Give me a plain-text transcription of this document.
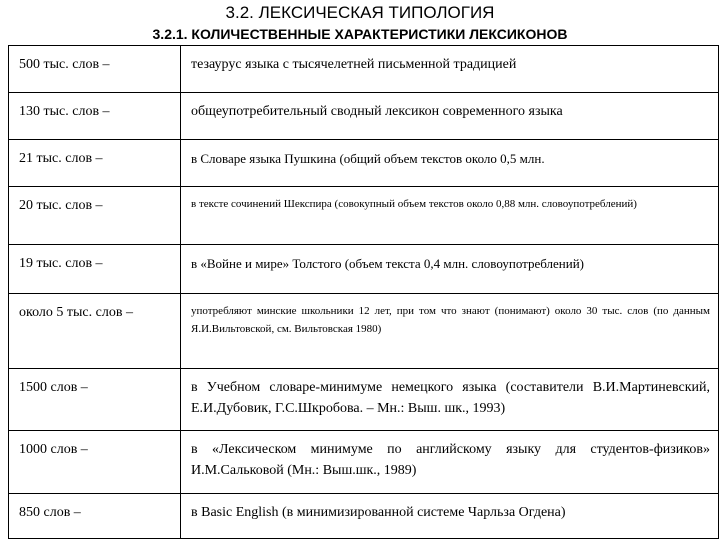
3.2. ЛЕКСИЧЕСКАЯ ТИПОЛОГИЯ
3.2.1. КОЛИЧЕСТВЕННЫЕ ХАРАКТЕРИСТИКИ ЛЕКСИКОНОВ
500 тыс. слов –	тезаурус языка с тысячелетней письменной традицией
130 тыс. слов –	общеупотребительный сводный лексикон современного языка
21 тыс. слов –	в Словаре языка Пушкина (общий объем текстов около 0,5 млн.
20 тыс. слов –	в тексте сочинений Шекспира (совокупный объем текстов около 0,88 млн. словоупотреблений)
19 тыс. слов –	в «Войне и мире» Толстого (объем текста 0,4 млн. словоупотреблений)
около 5 тыс. слов –	употребляют минские школьники 12 лет, при том что знают (понимают) около 30 тыс. слов (по данным Я.И.Вильтовской, см. Вильтовская 1980)
1500 слов –	в Учебном словаре-минимуме немецкого языка (составители В.И.Мартиневский, Е.И.Дубовик, Г.С.Шкробова. – Мн.: Выш. шк., 1993)
1000 слов –	в «Лексическом минимуме по английскому языку для студентов-физиков» И.М.Сальковой (Мн.: Выш.шк., 1989)
850 слов –	в Basic English (в минимизированной системе Чарльза Огдена)
